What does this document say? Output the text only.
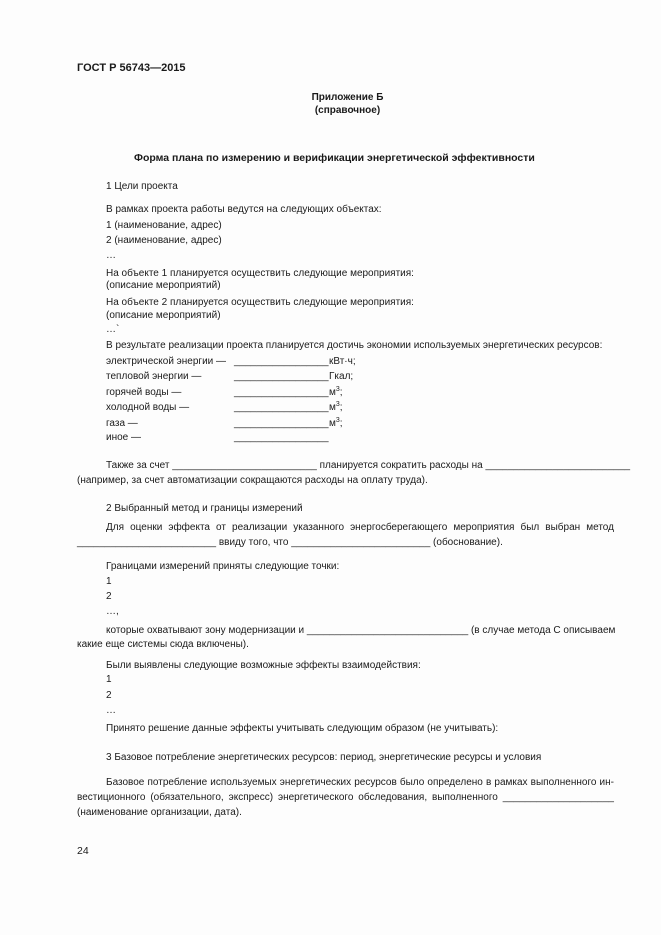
ГОСТ Р 56743—2015
Приложение Б
(справочное)
Форма плана по измерению и верификации энергетической эффективности
1 Цели проекта
В рамках проекта работы ведутся на следующих объектах:
1 (наименование, адрес)
2 (наименование, адрес)
…
На объекте 1 планируется осуществить следующие мероприятия:
(описание мероприятий)
На объекте 2 планируется осуществить следующие мероприятия:
(описание мероприятий)
…`
В результате реализации проекта планируется достичь экономии используемых энергетических ресурсов:
электрической энергии — _________________ кВт·ч;
тепловой энергии —	_________________ Гкал;
горячей воды —	_________________ $м^3$;
холодной воды —	_________________ $м^3$;
газа —	_________________ $м^3$;
иное —	_________________
Также за счет __________________________ планируется сократить расходы на __________________________
(например, за счет автоматизации сокращаются расходы на оплату труда).
2 Выбранный метод и границы измерений
Для оценки эффекта от реализации указанного энергосберегающего мероприятия был выбран метод
_________________________ ввиду того, что _________________________ (обоснование).
Границами измерений приняты следующие точки:
1
2
…,
которые охватывают зону модернизации и _____________________________ (в случае метода С описываем
какие еще системы сюда включены).
Были выявлены следующие возможные эффекты взаимодействия:
1
2
…
Принято решение данные эффекты учитывать следующим образом (не учитывать):
3 Базовое потребление энергетических ресурсов: период, энергетические ресурсы и условия
Базовое потребление используемых энергетических ресурсов было определено в рамках выполненного ин-
вестиционного (обязательного, экспресс) энергетического обследования, выполненного ____________________
(наименование организации, дата).
24
